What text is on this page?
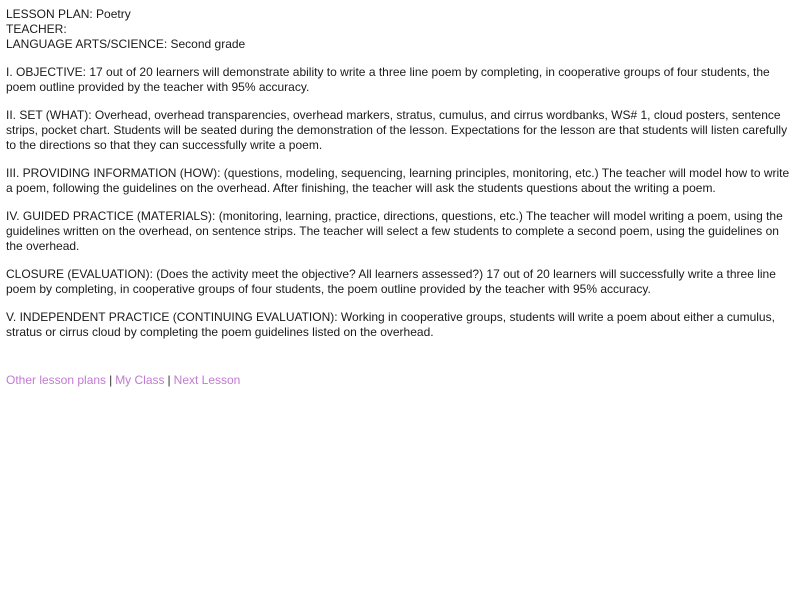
LESSON PLAN: Poetry
TEACHER:
LANGUAGE ARTS/SCIENCE: Second grade

I. OBJECTIVE: 17 out of 20 learners will demonstrate ability to write a three line poem by completing, in cooperative groups of four students, the poem outline provided by the teacher with 95% accuracy.

II. SET (WHAT): Overhead, overhead transparencies, overhead markers, stratus, cumulus, and cirrus wordbanks, WS# 1, cloud posters, sentence strips, pocket chart. Students will be seated during the demonstration of the lesson. Expectations for the lesson are that students will listen carefully to the directions so that they can successfully write a poem.

III. PROVIDING INFORMATION (HOW): (questions, modeling, sequencing, learning principles, monitoring, etc.) The teacher will model how to write a poem, following the guidelines on the overhead. After finishing, the teacher will ask the students questions about the writing a poem.

IV. GUIDED PRACTICE (MATERIALS): (monitoring, learning, practice, directions, questions, etc.) The teacher will model writing a poem, using the guidelines written on the overhead, on sentence strips. The teacher will select a few students to complete a second poem, using the guidelines on the overhead.

CLOSURE (EVALUATION): (Does the activity meet the objective? All learners assessed?) 17 out of 20 learners will successfully write a three line poem by completing, in cooperative groups of four students, the poem outline provided by the teacher with 95% accuracy.

V. INDEPENDENT PRACTICE (CONTINUING EVALUATION): Working in cooperative groups, students will write a poem about either a cumulus, stratus or cirrus cloud by completing the poem guidelines listed on the overhead.

Other lesson plans | My Class | Next Lesson
